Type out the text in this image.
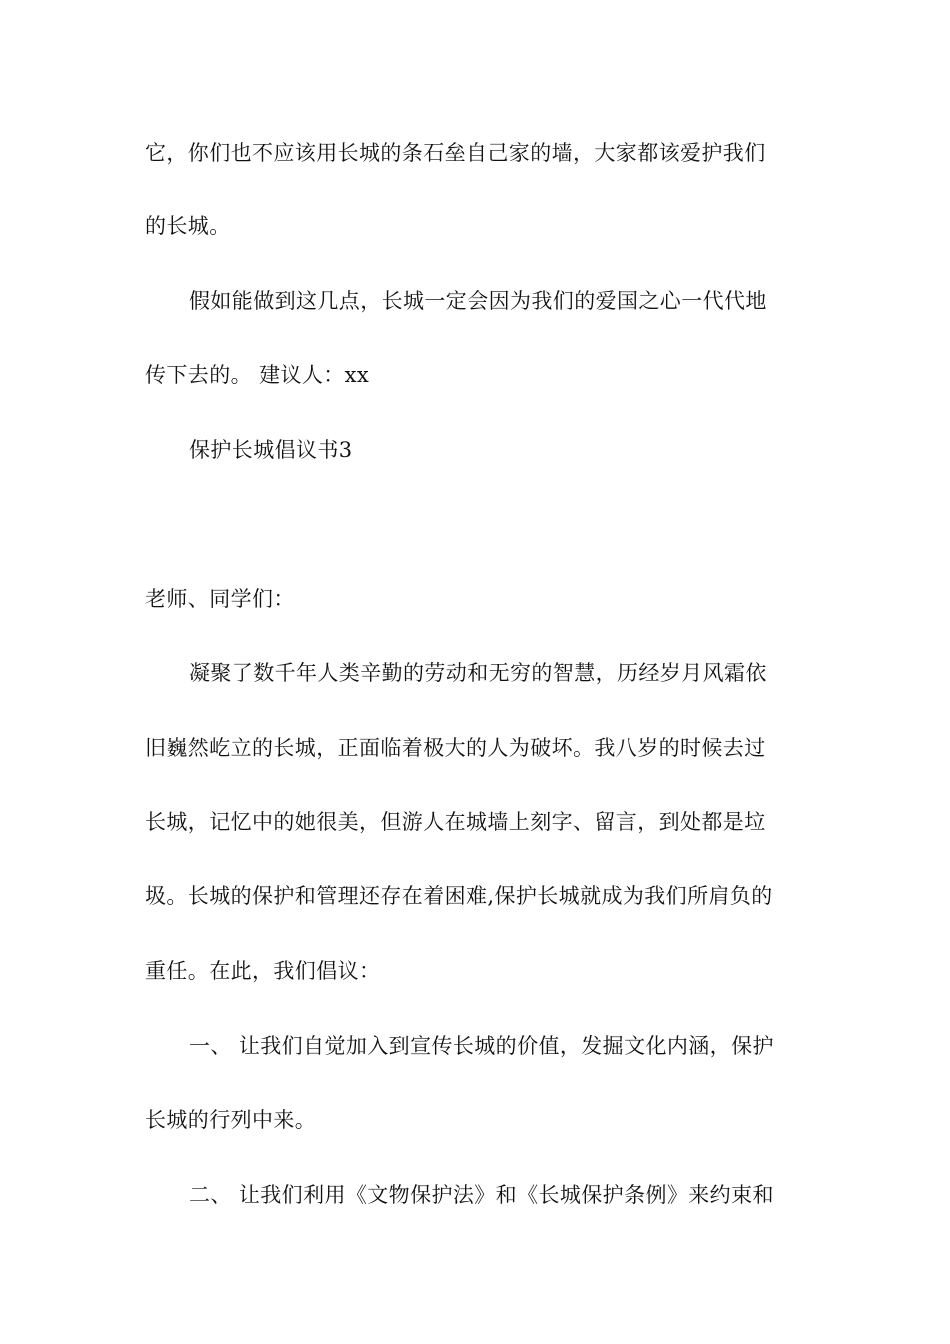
它，你们也不应该用长城的条石垒自己家的墙，大家都该爱护我们
的长城。
假如能做到这几点，长城一定会因为我们的爱国之心一代代地
传下去的。 建议人：xx
保护长城倡议书3
老师、同学们：
凝聚了数千年人类辛勤的劳动和无穷的智慧，历经岁月风霜依
旧巍然屹立的长城，正面临着极大的人为破坏。我八岁的时候去过
长城，记忆中的她很美，但游人在城墙上刻字、留言，到处都是垃
圾。长城的保护和管理还存在着困难,保护长城就成为我们所肩负的
重任。在此，我们倡议：
一、 让我们自觉加入到宣传长城的价值，发掘文化内涵，保护
长城的行列中来。
二、 让我们利用《文物保护法》和《长城保护条例》来约束和
